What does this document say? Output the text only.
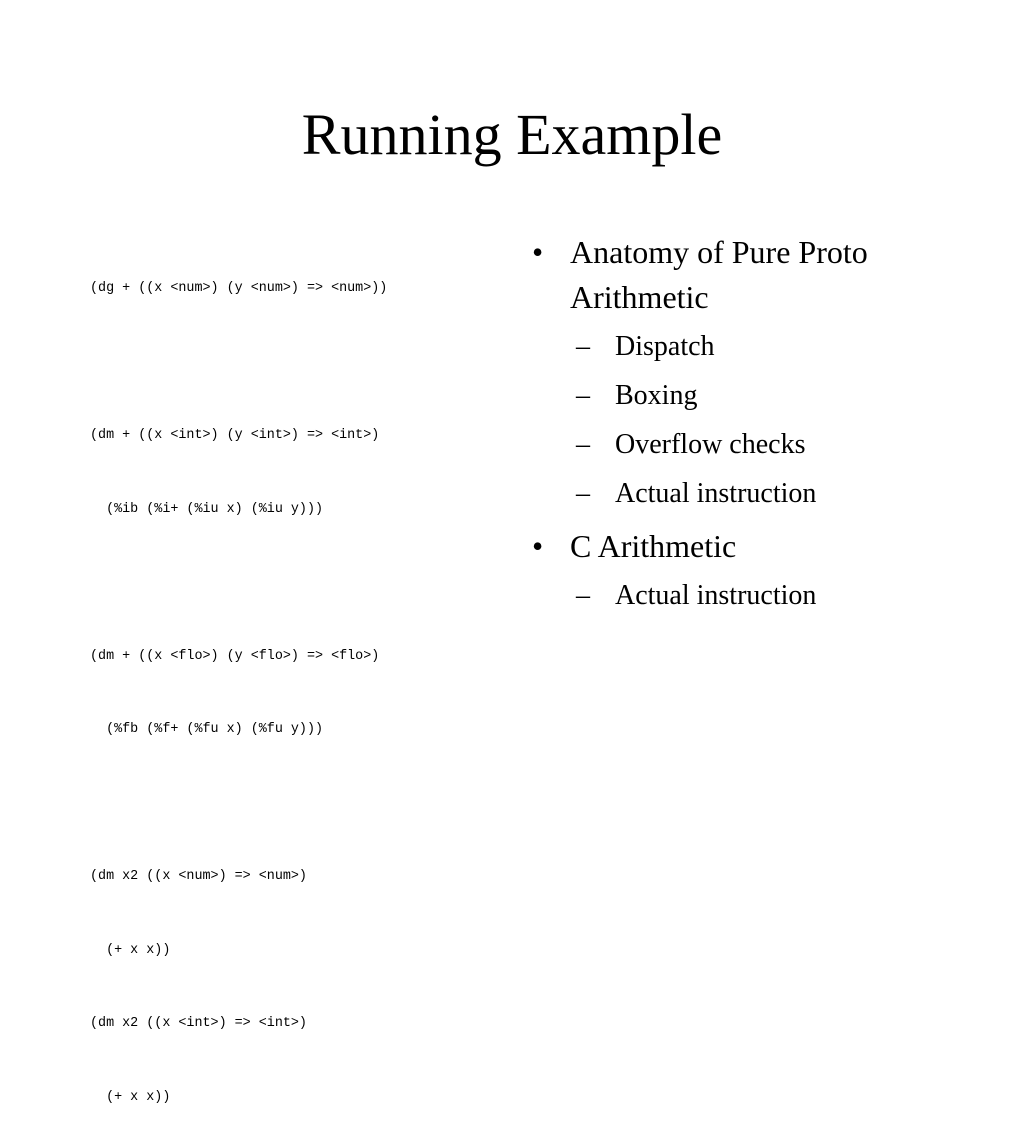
Running Example

(dg + ((x <num>) (y <num>) => <num>))

(dm + ((x <int>) (y <int>) => <int>)

(%ib (%i+ (%iu x) (%iu y)))

(dm + ((x <flo>) (y <flo>) => <flo>)

(%fb (%f+ (%fu x) (%fu y)))

(dm x2 ((x <num>) => <num>)

(+ x x))

(dm x2 ((x <int>) => <int>)

(+ x x))

• Anatomy of Pure Proto Arithmetic
– Dispatch
– Boxing
– Overflow checks
– Actual instruction
• C Arithmetic
– Actual instruction
